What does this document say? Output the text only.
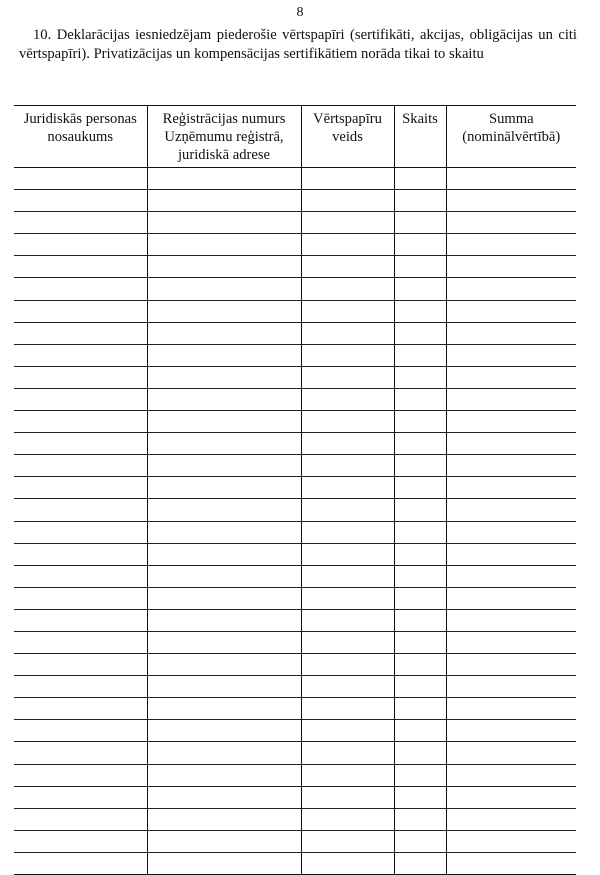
8

10. Deklarācijas iesniedzējam piederošie vērtspapīri (sertifikāti, akcijas, obligācijas un citi vērtspapīri). Privatizācijas un kompensācijas sertifikātiem norāda tikai to skaitu

Juridiskās personas nosaukums	Reģistrācijas numurs Uzņēmumu reģistrā, juridiskā adrese	Vērtspapīru veids	Skaits	Summa (nominālvērtībā)
